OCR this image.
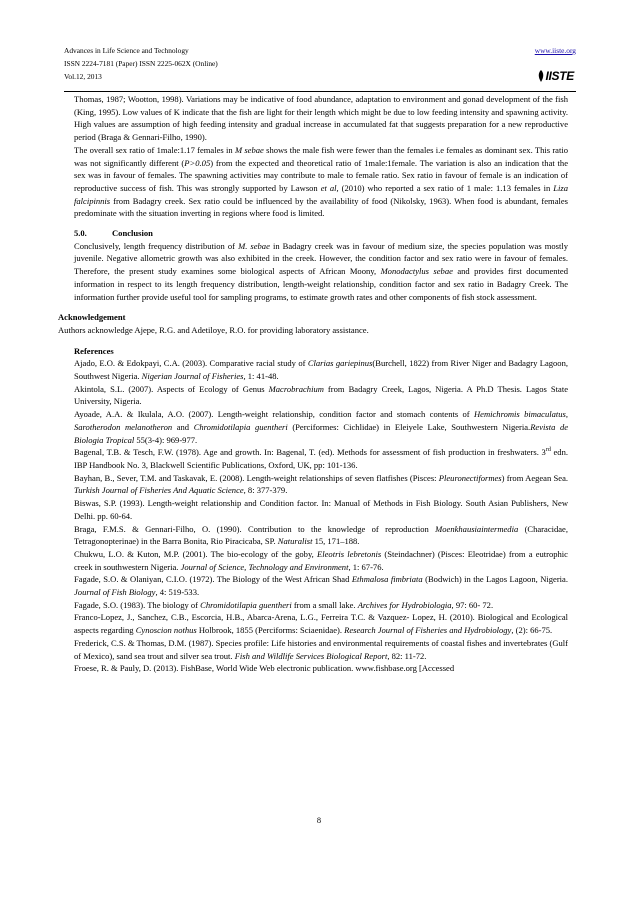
Advances in Life Science and Technology
ISSN 2224-7181 (Paper) ISSN 2225-062X (Online)
Vol.12, 2013
www.iiste.org
IISTE

Thomas, 1987; Wootton, 1998). Variations may be indicative of food abundance, adaptation to environment and gonad development of the fish (King, 1995). Low values of K indicate that the fish are light for their length which might be due to low feeding intensity and spawning activity. High values are assumption of high feeding intensity and gradual increase in accumulated fat that suggests preparation for a new reproductive period (Braga & Gennari-Filho, 1990).

The overall sex ratio of 1male:1.17 females in M sebae shows the male fish were fewer than the females i.e females as dominant sex. This ratio was not significantly different (P>0.05) from the expected and theoretical ratio of 1male:1female. The variation is also an indication that the sex was in favour of females. The spawning activities may contribute to male to female ratio. Sex ratio in favour of female is an indication of reproductive success of fish. This was strongly supported by Lawson et al, (2010) who reported a sex ratio of 1 male: 1.13 females in Liza falcipinnis from Badagry creek. Sex ratio could be influenced by the availability of food (Nikolsky, 1963). When food is abundant, females predominate with the situation inverting in regions where food is limited.

5.0.	Conclusion

Conclusively, length frequency distribution of M. sebae in Badagry creek was in favour of medium size, the species population was mostly juvenile. Negative allometric growth was also exhibited in the creek. However, the condition factor and sex ratio were in favour of females. Therefore, the present study examines some biological aspects of African Moony, Monodactylus sebae and provides first documented information in respect to its length frequency distribution, length-weight relationship, condition factor and sex ratio in Badagry Creek. The information further provide useful tool for sampling programs, to estimate growth rates and other components of fish stock assessment.

Acknowledgement
Authors acknowledge Ajepe, R.G. and Adetiloye, R.O. for providing laboratory assistance.
References

Ajado, E.O. & Edokpayi, C.A. (2003). Comparative racial study of Clarias gariepinus(Burchell, 1822) from River Niger and Badagry Lagoon, Southwest Nigeria. Nigerian Journal of Fisheries, 1: 41-48.

Akintola, S.L. (2007). Aspects of Ecology of Genus Macrobrachium from Badagry Creek, Lagos, Nigeria. A Ph.D Thesis. Lagos State University, Nigeria.

Ayoade, A.A. & Ikulala, A.O. (2007). Length-weight relationship, condition factor and stomach contents of Hemichromis bimaculatus, Sarotherodon melanotheron and Chromidotilapia guentheri (Perciformes: Cichlidae) in Eleiyele Lake, Southwestern Nigeria.Revista de Biologia Tropical 55(3-4): 969-977.

Bagenal, T.B. & Tesch, F.W. (1978). Age and growth. In: Bagenal, T. (ed). Methods for assessment of fish production in freshwaters. 3rd edn. IBP Handbook No. 3, Blackwell Scientific Publications, Oxford, UK, pp: 101-136.

Bayhan, B., Sever, T.M. and Taskavak, E. (2008). Length-weight relationships of seven flatfishes (Pisces: Pleuronectiformes) from Aegean Sea. Turkish Journal of Fisheries And Aquatic Science, 8: 377-379.

Biswas, S.P. (1993). Length-weight relationship and Condition factor. In: Manual of Methods in Fish Biology. South Asian Publishers, New Delhi. pp. 60-64.

Braga, F.M.S. & Gennari-Filho, O. (1990). Contribution to the knowledge of reproduction Moenkhausiaintermedia (Characidae, Tetragonopterinae) in the Barra Bonita, Rio Piracicaba, SP. Naturalist 15, 171–188.

Chukwu, L.O. & Kuton, M.P. (2001). The bio-ecology of the goby, Eleotris lebretonis (Steindachner) (Pisces: Eleotridae) from a eutrophic creek in southwestern Nigeria. Journal of Science, Technology and Environment, 1: 67-76.

Fagade, S.O. & Olaniyan, C.I.O. (1972). The Biology of the West African Shad Ethmalosa fimbriata (Bodwich) in the Lagos Lagoon, Nigeria. Journal of Fish Biology, 4: 519-533.

Fagade, S.O. (1983). The biology of Chromidotilapia guentheri from a small lake. Archives for Hydrobiologia, 97: 60- 72.

Franco-Lopez, J., Sanchez, C.B., Escorcia, H.B., Abarca-Arena, L.G., Ferreira T.C. & Vazquez- Lopez, H. (2010). Biological and Ecological aspects regarding Cynoscion nothus Holbrook, 1855 (Perciforms: Sciaenidae). Research Journal of Fisheries and Hydrobiology, (2): 66-75.

Frederick, C.S. & Thomas, D.M. (1987). Species profile: Life histories and environmental requirements of coastal fishes and invertebrates (Gulf of Mexico), sand sea trout and silver sea trout. Fish and Wildlife Services Biological Report, 82: 11-72.

Froese, R. & Pauly, D. (2013). FishBase, World Wide Web electronic publication. www.fishbase.org [Accessed

8
